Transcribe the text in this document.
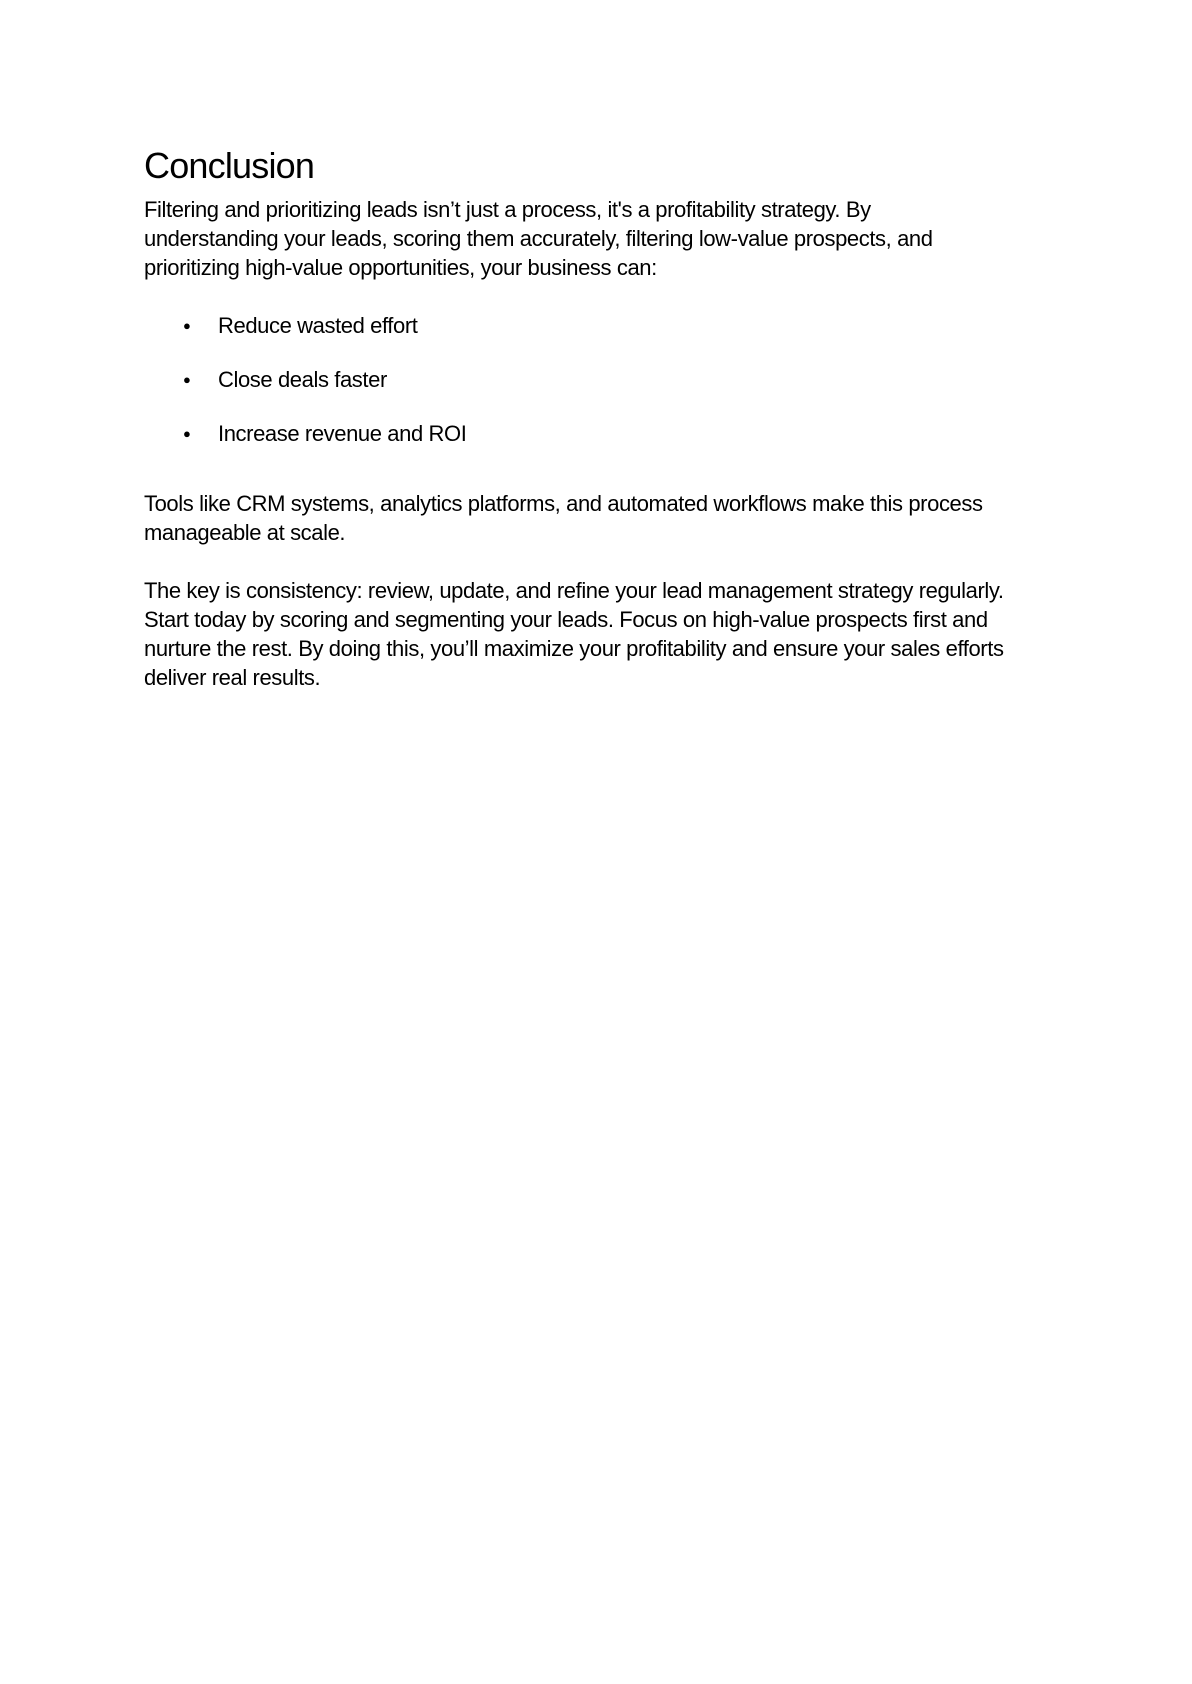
Conclusion
Filtering and prioritizing leads isn’t just a process, it's a profitability strategy. By
understanding your leads, scoring them accurately, filtering low-value prospects, and
prioritizing high-value opportunities, your business can:
● Reduce wasted effort
● Close deals faster
● Increase revenue and ROI
Tools like CRM systems, analytics platforms, and automated workflows make this process
manageable at scale.
The key is consistency: review, update, and refine your lead management strategy regularly.
Start today by scoring and segmenting your leads. Focus on high-value prospects first and
nurture the rest. By doing this, you’ll maximize your profitability and ensure your sales efforts
deliver real results.
